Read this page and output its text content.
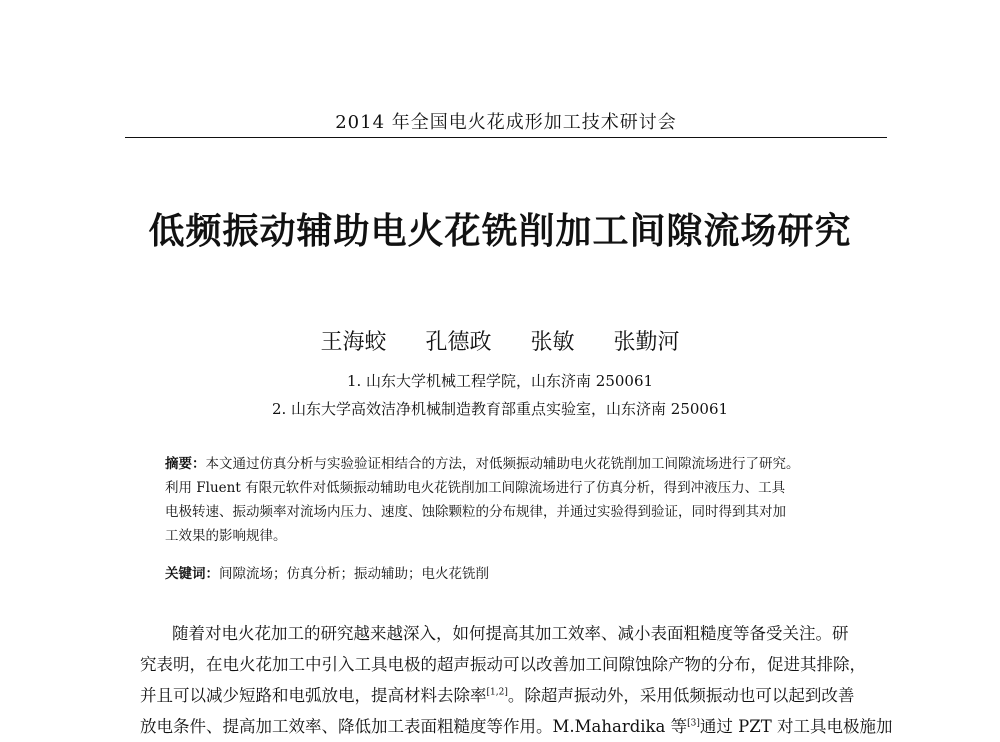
2014 年全国电火花成形加工技术研讨会
低频振动辅助电火花铣削加工间隙流场研究
王海蛟 孔德政 张敏 张勤河
1. 山东大学机械工程学院，山东济南 250061
2. 山东大学高效洁净机械制造教育部重点实验室，山东济南 250061
摘要：本文通过仿真分析与实验验证相结合的方法，对低频振动辅助电火花铣削加工间隙流场进行了研究。
利用 Fluent 有限元软件对低频振动辅助电火花铣削加工间隙流场进行了仿真分析，得到冲液压力、工具
电极转速、振动频率对流场内压力、速度、蚀除颗粒的分布规律，并通过实验得到验证，同时得到其对加
工效果的影响规律。
关键词：间隙流场；仿真分析；振动辅助；电火花铣削
随着对电火花加工的研究越来越深入，如何提高其加工效率、减小表面粗糙度等备受关注。研
究表明，在电火花加工中引入工具电极的超声振动可以改善加工间隙蚀除产物的分布，促进其排除，
并且可以减少短路和电弧放电，提高材料去除率[1,2]。除超声振动外，采用低频振动也可以起到改善
放电条件、提高加工效率、降低加工表面粗糙度等作用。M.Mahardika 等[3]通过 PZT 对工具电极施加
